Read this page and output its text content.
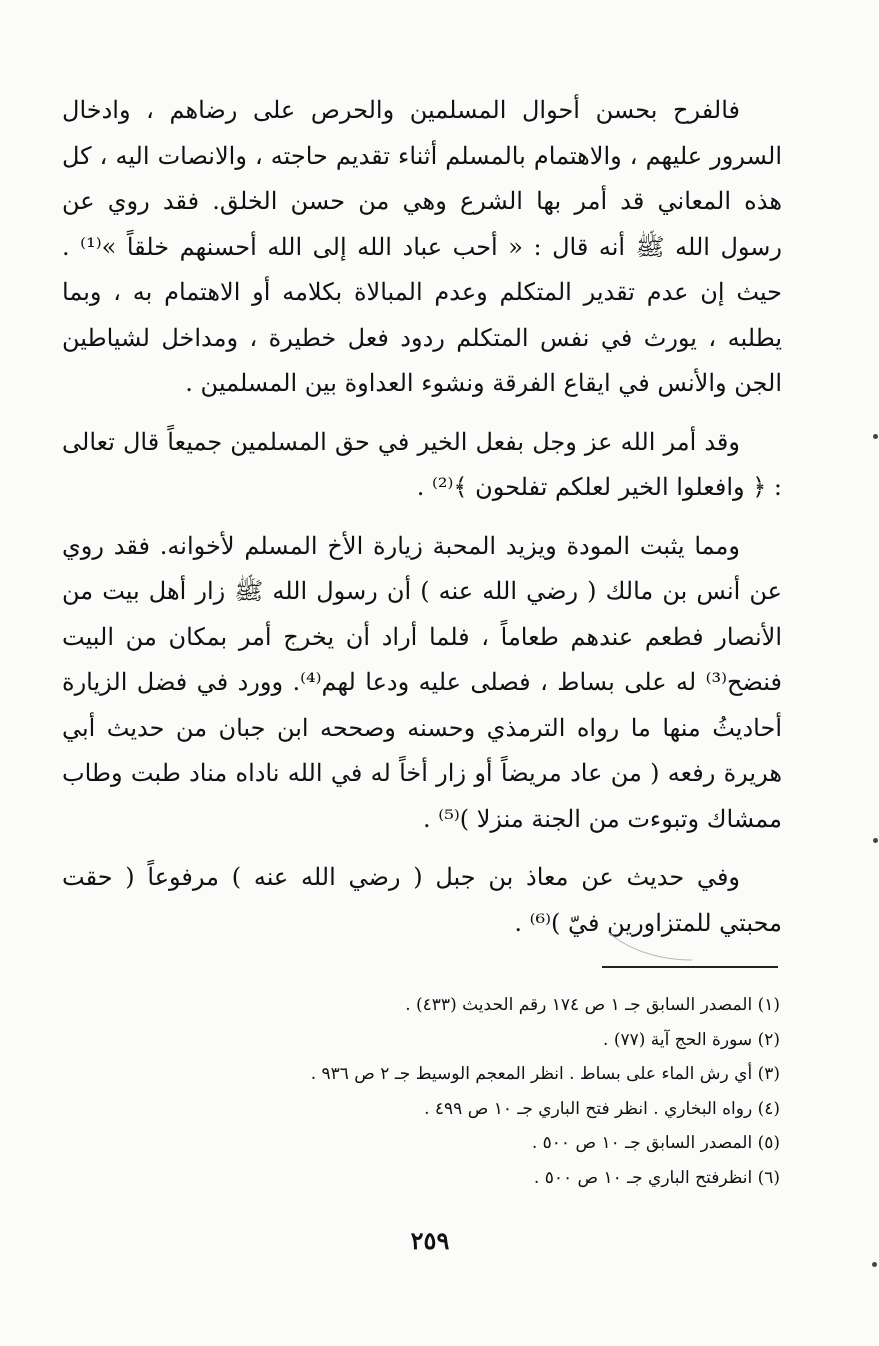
فالفرح بحسن أحوال المسلمين والحرص على رضاهم ، وادخال السرور عليهم ، والاهتمام بالمسلم أثناء تقديم حاجته ، والانصات اليه ، كل هذه المعاني قد أمر بها الشرع وهي من حسن الخلق. فقد روي عن رسول الله ﷺ أنه قال : « أحب عباد الله إلى الله أحسنهم خلقاً »⁽¹⁾ . حيث إن عدم تقدير المتكلم وعدم المبالاة بكلامه أو الاهتمام به ، وبما يطلبه ، يورث في نفس المتكلم ردود فعل خطيرة ، ومداخل لشياطين الجن والأنس في ايقاع الفرقة ونشوء العداوة بين المسلمين .

وقد أمر الله عز وجل بفعل الخير في حق المسلمين جميعاً قال تعالى : ﴿ وافعلوا الخير لعلكم تفلحون ﴾⁽²⁾ .

ومما يثبت المودة ويزيد المحبة زيارة الأخ المسلم لأخوانه. فقد روي عن أنس بن مالك ( رضي الله عنه ) أن رسول الله ﷺ زار أهل بيت من الأنصار فطعم عندهم طعاماً ، فلما أراد أن يخرج أمر بمكان من البيت فنضح⁽³⁾ له على بساط ، فصلى عليه ودعا لهم⁽⁴⁾. وورد في فضل الزيارة أحاديثُ منها ما رواه الترمذي وحسنه وصححه ابن جبان من حديث أبي هريرة رفعه ( من عاد مريضاً أو زار أخاً له في الله ناداه مناد طبت وطاب ممشاك وتبوءت من الجنة منزلا )⁽⁵⁾ .

وفي حديث عن معاذ بن جبل ( رضي الله عنه ) مرفوعاً ( حقت محبتي للمتزاورين فيّ )⁽⁶⁾ .

(١) المصدر السابق جـ ١ ص ١٧٤ رقم الحديث (٤٣٣) .

(٢) سورة الحج آية (٧٧) .

(٣) أي رش الماء على بساط . انظر المعجم الوسيط جـ ٢ ص ٩٣٦ .

(٤) رواه البخاري . انظر فتح الباري جـ ١٠ ص ٤٩٩ .

(٥) المصدر السابق جـ ١٠ ص ٥٠٠ .

(٦) انظرفتح الباري جـ ١٠ ص ٥٠٠ .

٢٥٩
